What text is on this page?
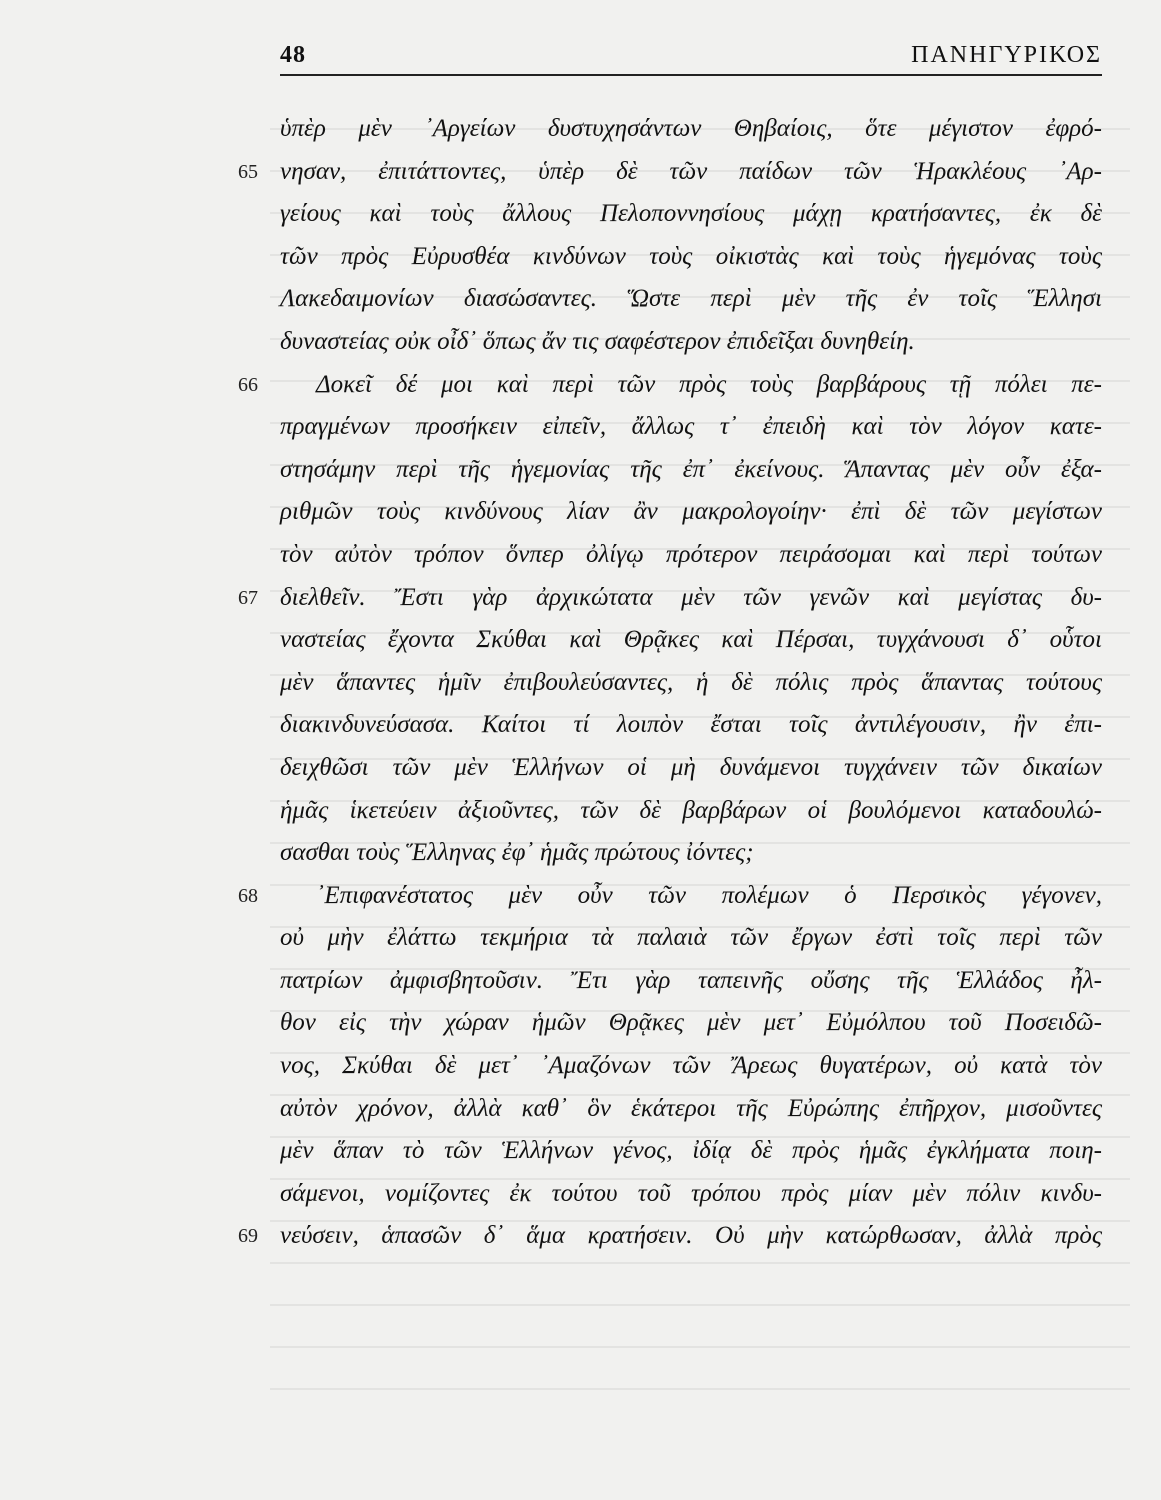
48	ΠΑΝΗΓΥΡΙΚΟΣ
ὑπὲρ μὲν ᾿Αργείων δυστυχησάντων Θηβαίοις, ὅτε μέγιστον ἐφρό-
65 νησαν, ἐπιτάττοντες, ὑπὲρ δὲ τῶν παίδων τῶν Ἡρακλέους ᾿Αρ-
γείους καὶ τοὺς ἄλλους Πελοποννησίους μάχῃ κρατήσαντες, ἐκ δὲ
τῶν πρὸς Εὐρυσθέα κινδύνων τοὺς οἰκιστὰς καὶ τοὺς ἡγεμόνας τοὺς
Λακεδαιμονίων διασώσαντες. Ὥστε περὶ μὲν τῆς ἐν τοῖς Ἕλλησι
δυναστείας οὐκ οἶδ᾿ ὅπως ἄν τις σαφέστερον ἐπιδεῖξαι δυνηθείη.
66	Δοκεῖ δέ μοι καὶ περὶ τῶν πρὸς τοὺς βαρβάρους τῇ πόλει πε-
πραγμένων προσήκειν εἰπεῖν, ἄλλως τ᾿ ἐπειδὴ καὶ τὸν λόγον κατε-
στησάμην περὶ τῆς ἡγεμονίας τῆς ἐπ᾿ ἐκείνους. Ἅπαντας μὲν οὖν ἐξα-
ριθμῶν τοὺς κινδύνους λίαν ἂν μακρολογοίην· ἐπὶ δὲ τῶν μεγίστων
τὸν αὐτὸν τρόπον ὅνπερ ὀλίγῳ πρότερον πειράσομαι καὶ περὶ τούτων
67 διελθεῖν. Ἔστι γὰρ ἀρχικώτατα μὲν τῶν γενῶν καὶ μεγίστας δυ-
ναστείας ἔχοντα Σκύθαι καὶ Θρᾷκες καὶ Πέρσαι, τυγχάνουσι δ᾿ οὗτοι
μὲν ἅπαντες ἡμῖν ἐπιβουλεύσαντες, ἡ δὲ πόλις πρὸς ἅπαντας τούτους
διακινδυνεύσασα. Καίτοι τί λοιπὸν ἔσται τοῖς ἀντιλέγουσιν, ἢν ἐπι-
δειχθῶσι τῶν μὲν Ἑλλήνων οἱ μὴ δυνάμενοι τυγχάνειν τῶν δικαίων
ἡμᾶς ἱκετεύειν ἀξιοῦντες, τῶν δὲ βαρβάρων οἱ βουλόμενοι καταδουλώ-
σασθαι τοὺς Ἕλληνας ἐφ᾿ ἡμᾶς πρώτους ἰόντες;
68	᾿Επιφανέστατος μὲν οὖν τῶν πολέμων ὁ Περσικὸς γέγονεν,
οὐ μὴν ἐλάττω τεκμήρια τὰ παλαιὰ τῶν ἔργων ἐστὶ τοῖς περὶ τῶν
πατρίων ἀμφισβητοῦσιν. Ἔτι γὰρ ταπεινῆς οὔσης τῆς Ἑλλάδος ἦλ-
θον εἰς τὴν χώραν ἡμῶν Θρᾷκες μὲν μετ᾿ Εὐμόλπου τοῦ Ποσειδῶ-
νος, Σκύθαι δὲ μετ᾿ ᾿Αμαζόνων τῶν Ἄρεως θυγατέρων, οὐ κατὰ τὸν
αὐτὸν χρόνον, ἀλλὰ καθ᾿ ὃν ἑκάτεροι τῆς Εὐρώπης ἐπῆρχον, μισοῦντες
μὲν ἅπαν τὸ τῶν Ἑλλήνων γένος, ἰδίᾳ δὲ πρὸς ἡμᾶς ἐγκλήματα ποιη-
σάμενοι, νομίζοντες ἐκ τούτου τοῦ τρόπου πρὸς μίαν μὲν πόλιν κινδυ-
69 νεύσειν, ἁπασῶν δ᾿ ἅμα κρατήσειν. Οὐ μὴν κατώρθωσαν, ἀλλὰ πρὸς
